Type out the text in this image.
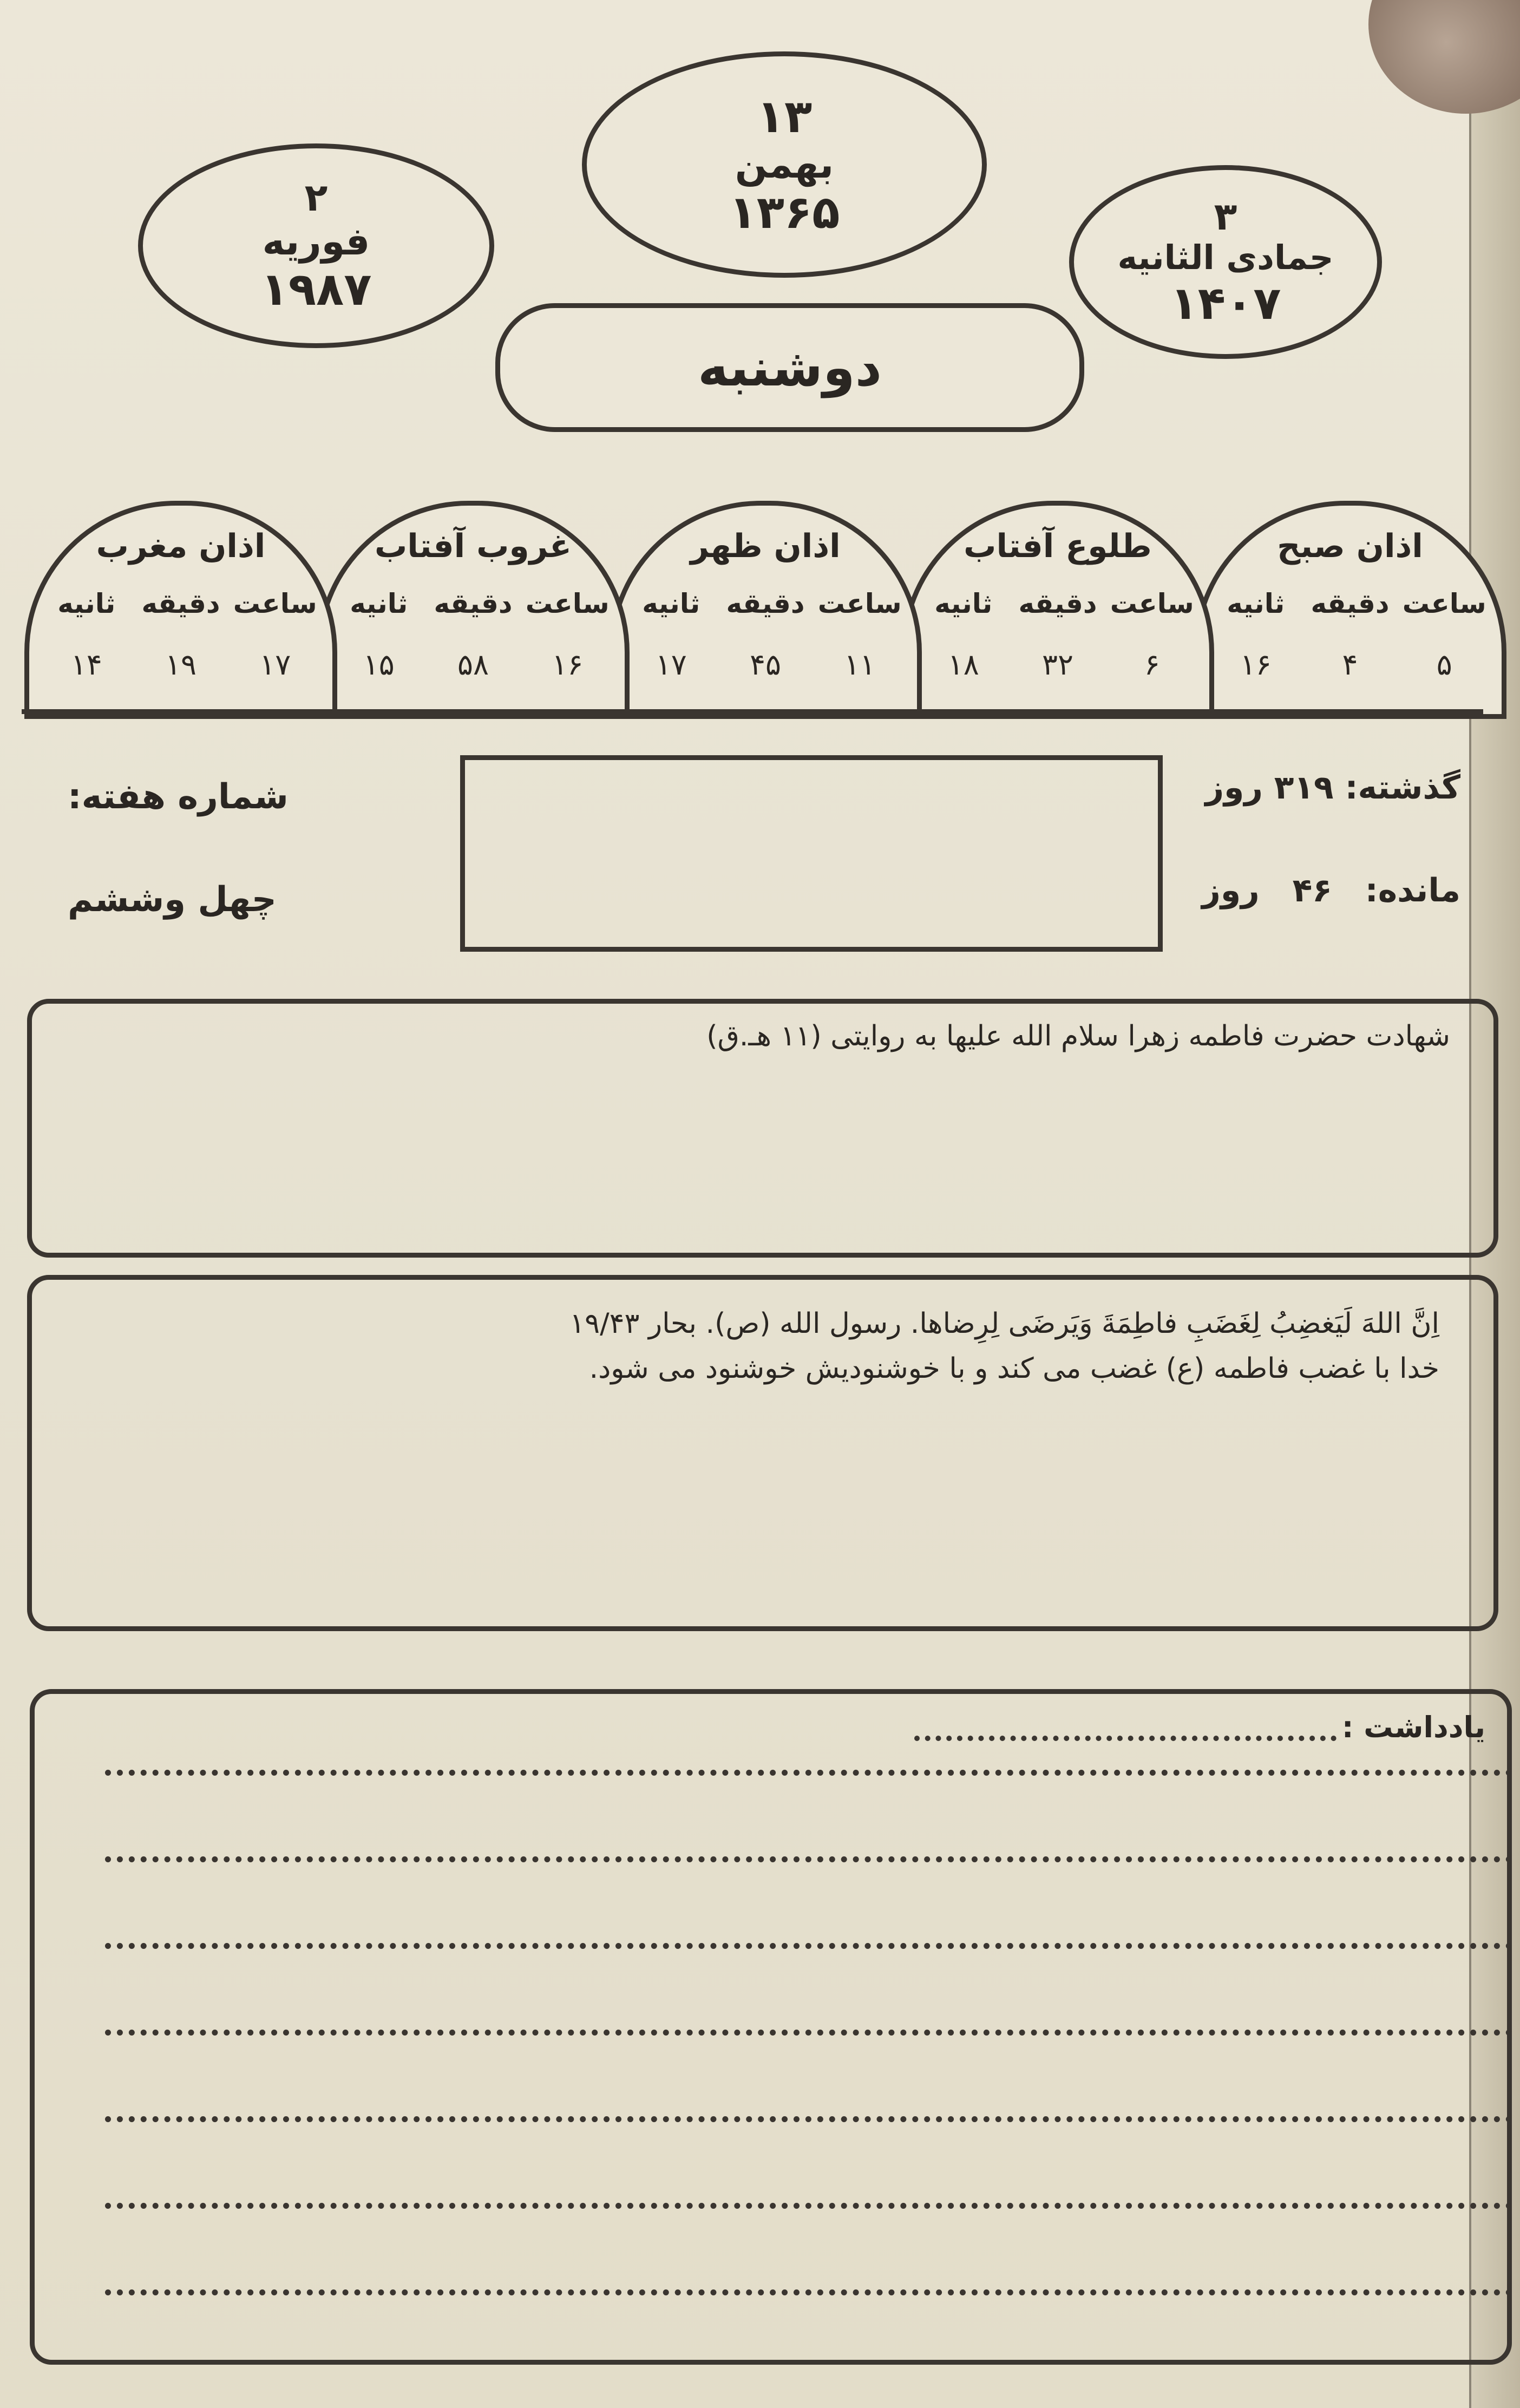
۲
فوریه
۱۹۸۷
۱۳
بهمن
۱۳۶۵	۳
جمادی الثانیه
۱۴۰۷
دوشنبه
اذان صبح
ساعت
دقیقه
ثانیه
۵
۴
۱۶
طلوع آفتاب
ساعت
دقیقه
ثانیه
۶
۳۲
۱۸
اذان ظهر
ساعت
دقیقه
ثانیه
۱۱
۴۵
۱۷
غروب آفتاب
ساعت
دقیقه
ثانیه
۱۶
۵۸
۱۵
اذان مغرب
ساعت
دقیقه
ثانیه
۱۷
۱۹
۱۴
گذشته: ۳۱۹ روز
مانده: ۴۶ روز
شماره هفته:
چهل وششم
شهادت حضرت فاطمه زهرا سلام الله علیها به روایتی (۱۱ هـ.ق)
اِنَّ اللهَ لَیَغضِبُ لِغَضَبِ فاطِمَةَ وَیَرضَی لِرِضاها. رسول الله (ص). بحار ۱۹/۴۳
خدا با غضب فاطمه (ع) غضب می کند و با خوشنودیش خوشنود می شود.
یادداشت :
